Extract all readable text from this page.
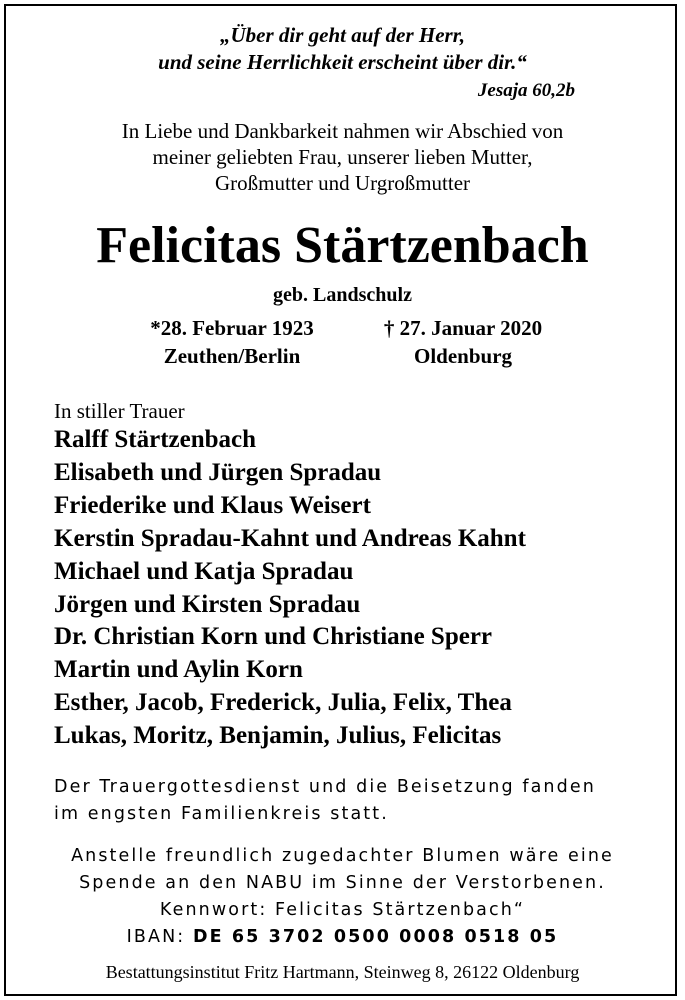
„Über dir geht auf der Herr,
und seine Herrlichkeit erscheint über dir.“
Jesaja 60,2b
In Liebe und Dankbarkeit nahmen wir Abschied von
meiner geliebten Frau, unserer lieben Mutter,
Großmutter und Urgroßmutter
Felicitas Stärtzenbach
geb. Landschulz
*28. Februar 1923
Zeuthen/Berlin
† 27. Januar 2020
Oldenburg
In stiller Trauer
Ralff Stärtzenbach
Elisabeth und Jürgen Spradau
Friederike und Klaus Weisert
Kerstin Spradau-Kahnt und Andreas Kahnt
Michael und Katja Spradau
Jörgen und Kirsten Spradau
Dr. Christian Korn und Christiane Sperr
Martin und Aylin Korn
Esther, Jacob, Frederick, Julia, Felix, Thea
Lukas, Moritz, Benjamin, Julius, Felicitas
Der Trauergottesdienst und die Beisetzung fanden
im engsten Familienkreis statt.
Anstelle freundlich zugedachter Blumen wäre eine
Spende an den NABU im Sinne der Verstorbenen.
Kennwort: Felicitas Stärtzenbach“
IBAN: DE 65 3702 0500 0008 0518 05
Bestattungsinstitut Fritz Hartmann, Steinweg 8, 26122 Oldenburg
